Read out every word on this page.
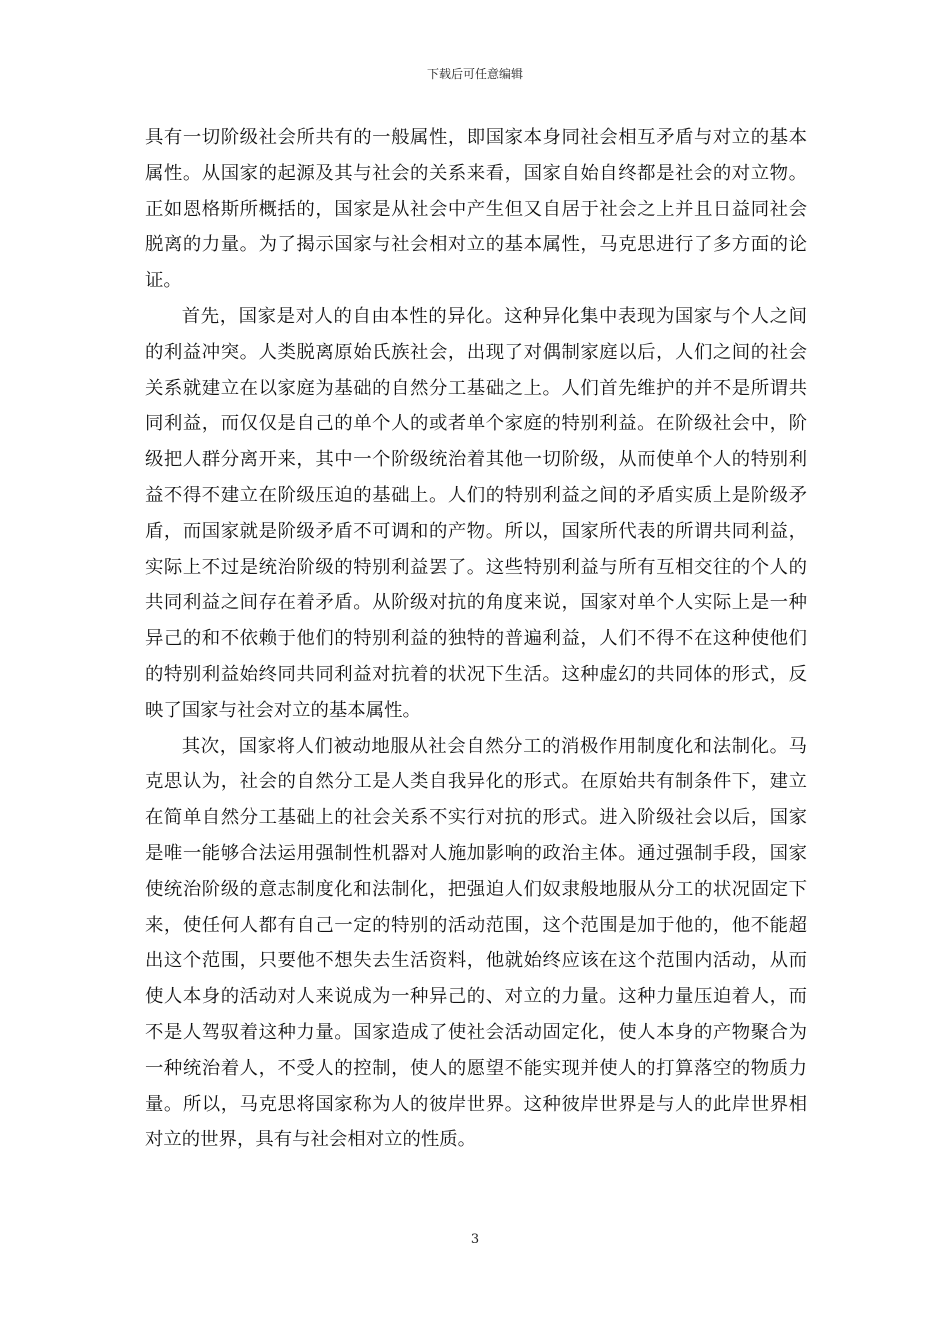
下载后可任意编辑

具有一切阶级社会所共有的一般属性，即国家本身同社会相互矛盾与对立的基本属性。从国家的起源及其与社会的关系来看，国家自始自终都是社会的对立物。正如恩格斯所概括的，国家是从社会中产生但又自居于社会之上并且日益同社会脱离的力量。为了揭示国家与社会相对立的基本属性，马克思进行了多方面的论证。

首先，国家是对人的自由本性的异化。这种异化集中表现为国家与个人之间的利益冲突。人类脱离原始氏族社会，出现了对偶制家庭以后，人们之间的社会关系就建立在以家庭为基础的自然分工基础之上。人们首先维护的并不是所谓共同利益，而仅仅是自己的单个人的或者单个家庭的特别利益。在阶级社会中，阶级把人群分离开来，其中一个阶级统治着其他一切阶级，从而使单个人的特别利益不得不建立在阶级压迫的基础上。人们的特别利益之间的矛盾实质上是阶级矛盾，而国家就是阶级矛盾不可调和的产物。所以，国家所代表的所谓共同利益，实际上不过是统治阶级的特别利益罢了。这些特别利益与所有互相交往的个人的共同利益之间存在着矛盾。从阶级对抗的角度来说，国家对单个人实际上是一种异己的和不依赖于他们的特别利益的独特的普遍利益，人们不得不在这种使他们的特别利益始终同共同利益对抗着的状况下生活。这种虚幻的共同体的形式，反映了国家与社会对立的基本属性。

其次，国家将人们被动地服从社会自然分工的消极作用制度化和法制化。马克思认为，社会的自然分工是人类自我异化的形式。在原始共有制条件下，建立在简单自然分工基础上的社会关系不实行对抗的形式。进入阶级社会以后，国家是唯一能够合法运用强制性机器对人施加影响的政治主体。通过强制手段，国家使统治阶级的意志制度化和法制化，把强迫人们奴隶般地服从分工的状况固定下来，使任何人都有自己一定的特别的活动范围，这个范围是加于他的，他不能超出这个范围，只要他不想失去生活资料，他就始终应该在这个范围内活动，从而使人本身的活动对人来说成为一种异己的、对立的力量。这种力量压迫着人，而不是人驾驭着这种力量。国家造成了使社会活动固定化，使人本身的产物聚合为一种统治着人，不受人的控制，使人的愿望不能实现并使人的打算落空的物质力量。所以，马克思将国家称为人的彼岸世界。这种彼岸世界是与人的此岸世界相对立的世界，具有与社会相对立的性质。

3
